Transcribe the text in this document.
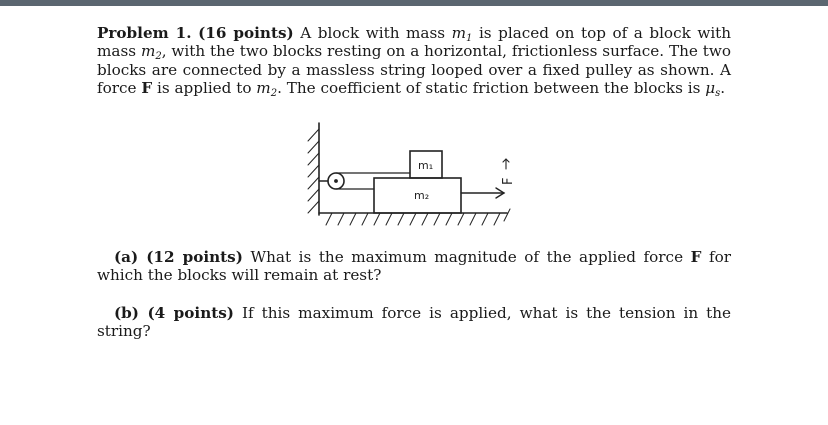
Problem 1. (16 points) A block with mass $m_1$ is placed on top of a block with mass $m_2$, with the two blocks resting on a horizontal, frictionless surface. The two blocks are connected by a massless string looped over a fixed pulley as shown. A force F is applied to $m_2$. The coefficient of static friction between the blocks is $\mu_s$.
m₁
m₂
F
(a) (12 points) What is the maximum magnitude of the applied force F for which the blocks will remain at rest?
(b) (4 points) If this maximum force is applied, what is the tension in the string?
